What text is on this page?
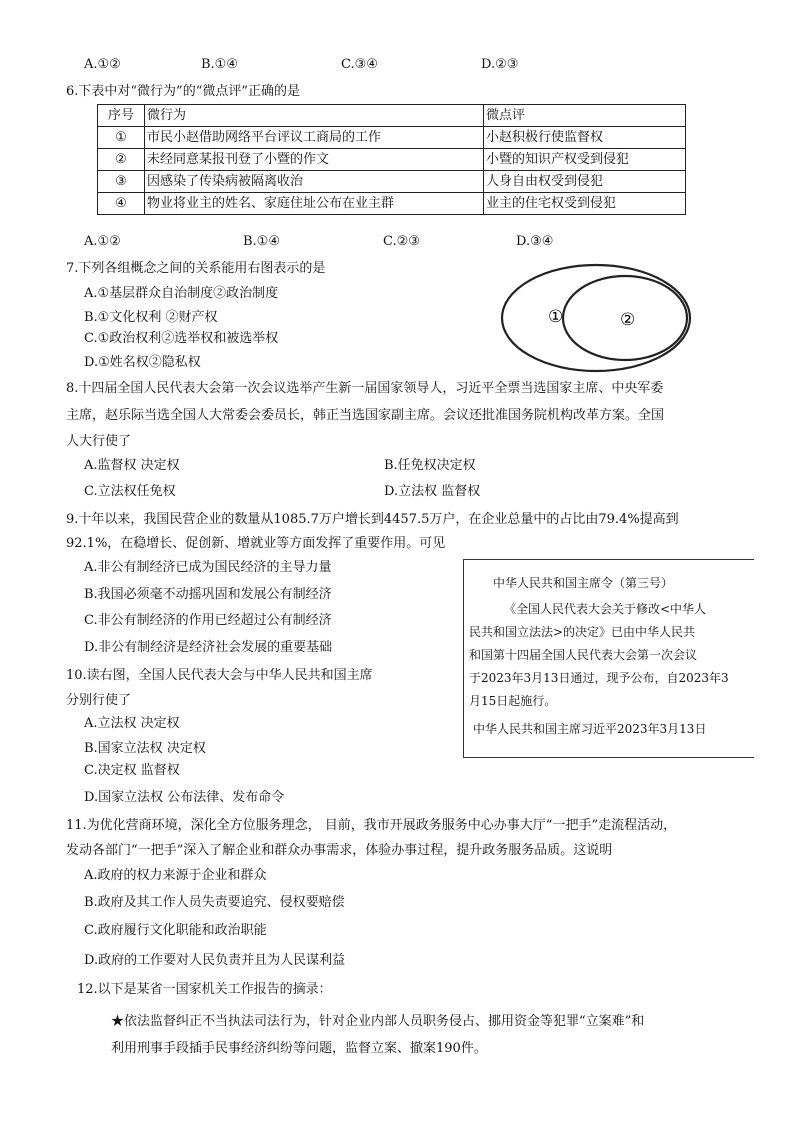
A.①②	B.①④	C.③④	D.②③
6.下表中对“微行为”的“微点评”正确的是
序号	微行为	微点评
①	市民小赵借助网络平台评议工商局的工作	小赵积极行使监督权
②	未经同意某报刊登了小暨的作文	小暨的知识产权受到侵犯
③	因感染了传染病被隔离收治	人身自由权受到侵犯
④	物业将业主的姓名、家庭住址公布在业主群	业主的住宅权受到侵犯
A.①②	B.①④	C.②③	D.③④
7.下列各组概念之间的关系能用右图表示的是
A.①基层群众自治制度②政治制度
B.①文化权利 ②财产权
C.①政治权利②选举权和被选举权
D.①姓名权②隐私权
①	②
8.十四届全国人民代表大会第一次会议选举产生新一届国家领导人，习近平全票当选国家主席、中央军委
主席，赵乐际当选全国人大常委会委员长，韩正当选国家副主席。会议还批准国务院机构改革方案。全国
人大行使了
A.监督权 决定权	B.任免权决定权
C.立法权任免权	D.立法权 监督权
9.十年以来，我国民营企业的数量从1085.7万户增长到4457.5万户，在企业总量中的占比由79.4%提高到
92.1%，在稳增长、促创新、增就业等方面发挥了重要作用。可见
A.非公有制经济已成为国民经济的主导力量
B.我国必须毫不动摇巩固和发展公有制经济
C.非公有制经济的作用已经超过公有制经济
D.非公有制经济是经济社会发展的重要基础
中华人民共和国主席令（第三号）
《全国人民代表大会关于修改<中华人
民共和国立法法>的决定》已由中华人民共
和国第十四届全国人民代表大会第一次会议
于2023年3月13日通过，现予公布，自2023年3
月15日起施行。
中华人民共和国主席习近平2023年3月13日
10.读右图，全国人民代表大会与中华人民共和国主席
分别行使了
A.立法权 决定权
B.国家立法权 决定权
C.决定权 监督权
D.国家立法权 公布法律、发布命令
11.为优化营商环境，深化全方位服务理念， 目前，我市开展政务服务中心办事大厅“一把手”走流程活动，
发动各部门“一把手”深入了解企业和群众办事需求，体验办事过程，提升政务服务品质。这说明
A.政府的权力来源于企业和群众
B.政府及其工作人员失责要追究、侵权要赔偿
C.政府履行文化职能和政治职能
D.政府的工作要对人民负责并且为人民谋利益
12.以下是某省一国家机关工作报告的摘录：
★依法监督纠正不当执法司法行为，针对企业内部人员职务侵占、挪用资金等犯罪“立案难”和
利用刑事手段插手民事经济纠纷等问题，监督立案、撤案190件。
